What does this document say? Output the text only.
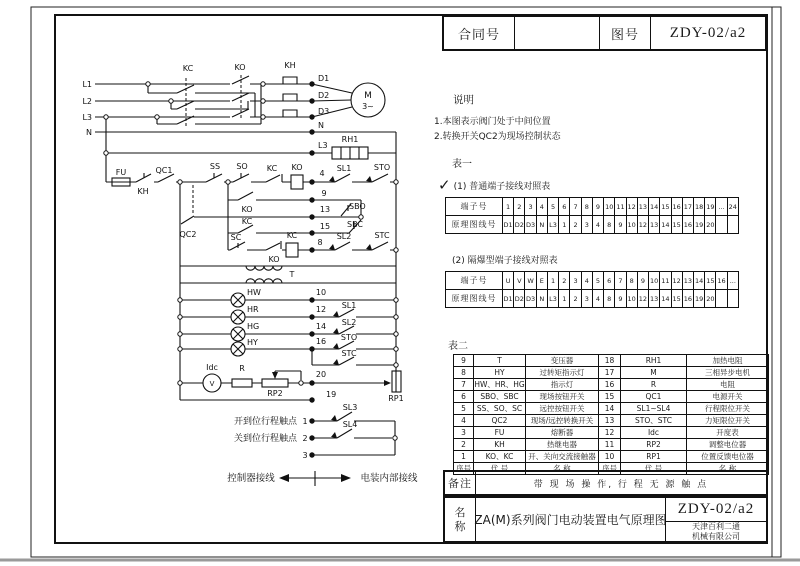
L1
L2
L3
N
KC	KO	KH
D1
D2
D3
N
L3
RH1
M
3~
FU
KH
QC1	SS SO KC KO
4
SL1	STO
9
KO	13 SBO
15 SBC
KC
SC
KO
KC
8
SL2	STC
QC2
T
HW
HR
HG
HY
10
12
14
16
SL1
SL2
STO
STC
Idc	R
RP2
20
19	RP1
SL3
SL4
1
2
3
开到位行程触点
关到位行程触点
控制器接线	电装内部接线
V
合同号	图号	ZDY-02/a2
说明
1.本图表示阀门处于中间位置
2.转换开关QC2为现场控制状态
表一
✓ (1) 普通端子接线对照表
端子号	1	2	3	4	5	6	7	8	9	10	11	12	13	14	15	16	17	18	19	...	24
原理图线号	D1	D2	D3	N	L3	1	2	3	4	8	9	10	12	13	14	15	16	19	20		
(2) 隔爆型端子接线对照表
端子号	U	V	W	E	1	2	3	4	5	6	7	8	9	10	11	12	13	14	15	16	...
原理图线号	D1	D2	D3	N	L3	1	2	3	4	8	9	10	12	13	14	15	16	19	20		
表二
9	T	变压器	18	RH1	加热电阻
8	HY	过转矩指示灯	17	M	三相异步电机
7	HW、HR、HG	指示灯	16	R	电阻
6	SBO、SBC	现场按钮开关	15	QC1	电源开关
5	SS、SO、SC	远控按钮开关	14	SL1~SL4	行程限位开关
4	QC2	现场/远控转换开关	13	STO、STC	力矩限位开关
3	FU	熔断器	12	Idc	开度表
2	KH	热继电器	11	RP2	调整电位器
1	KO、KC	开、关向交流接触器	10	RP1	位置反馈电位器
序号	代 号	名 称	序号	代 号	名 称
备注	带 现 场 操 作, 行 程 无 源 触 点
名
称 ZA(M)系列阀门电动装置电气原理图
ZDY-02/a2
天津百利二通
机械有限公司
